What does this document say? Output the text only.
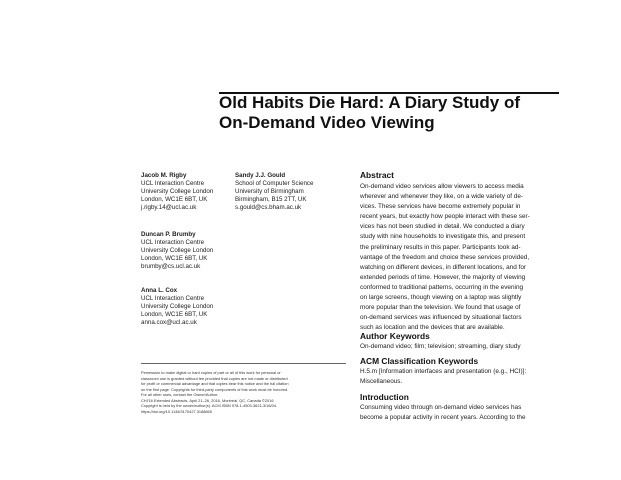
Old Habits Die Hard: A Diary Study of
On-Demand Video Viewing
Jacob M. Rigby
UCL Interaction Centre
University College London
London, WC1E 6BT, UK
j.rigby.14@ucl.ac.uk
Sandy J.J. Gould
School of Computer Science
University of Birmingham
Birmingham, B15 2TT, UK
s.gould@cs.bham.ac.uk
Duncan P. Brumby
UCL Interaction Centre
University College London
London, WC1E 6BT, UK
brumby@cs.ucl.ac.uk
Anna L. Cox
UCL Interaction Centre
University College London
London, WC1E 6BT, UK
anna.cox@ucl.ac.uk
Permission to make digital or hard copies of part or all of this work for personal or
classroom use is granted without fee provided that copies are not made or distributed
for profit or commercial advantage and that copies bear this notice and the full citation
on the first page. Copyrights for third-party components of this work must be honored.
For all other uses, contact the Owner/Author.
CHI'16 Extended Abstracts, April 21–26, 2016, Montréal, QC, Canada ©2016
Copyright is held by the owner/author(s). ACM ISBN 978-1-4503-3621-3/16/04.
https://doi.org/10.1145/3170427.3188665
Abstract
On-demand video services allow viewers to access media
wherever and whenever they like, on a wide variety of de-
vices. These services have become extremely popular in
recent years, but exactly how people interact with these ser-
vices has not been studied in detail. We conducted a diary
study with nine households to investigate this, and present
the preliminary results in this paper. Participants took ad-
vantage of the freedom and choice these services provided,
watching on different devices, in different locations, and for
extended periods of time. However, the majority of viewing
conformed to traditional patterns, occurring in the evening
on large screens, though viewing on a laptop was slightly
more popular than the television. We found that usage of
on-demand services was influenced by situational factors
such as location and the devices that are available.
Author Keywords
On-demand video; film; television; streaming, diary study
ACM Classification Keywords
H.5.m [Information interfaces and presentation (e.g., HCI)]:
Miscellaneous.
Introduction
Consuming video through on-demand video services has
become a popular activity in recent years. According to the
